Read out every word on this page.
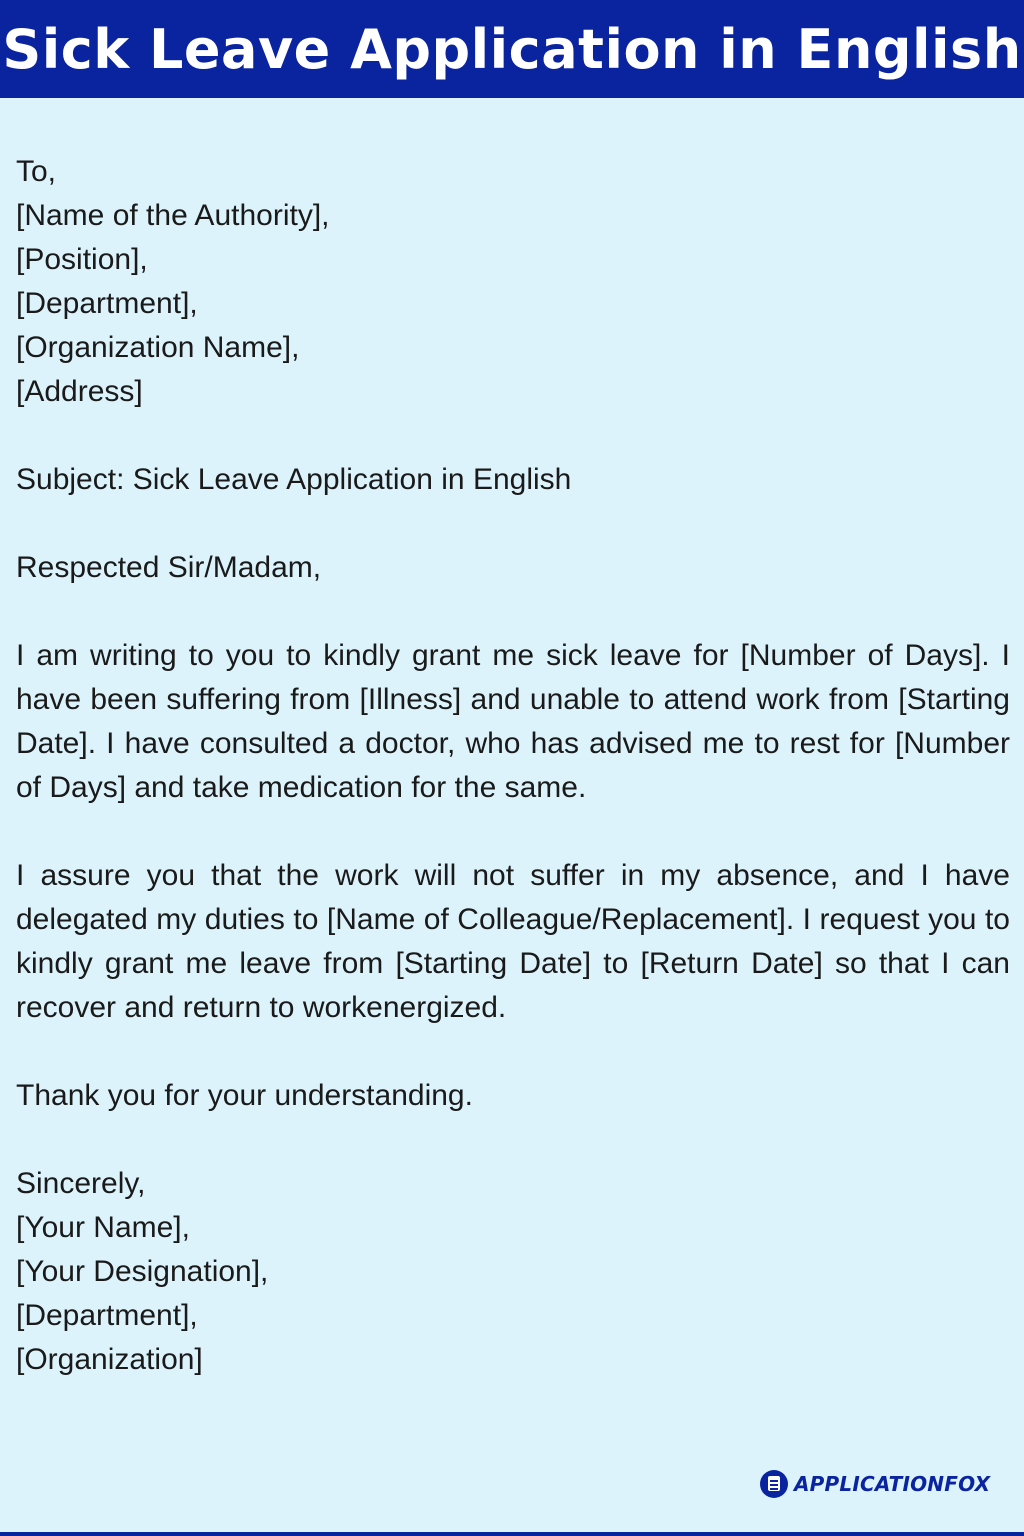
Sick Leave Application in English
To,
[Name of the Authority],
[Position],
[Department],
[Organization Name],
[Address]

Subject: Sick Leave Application in English

Respected Sir/Madam,

I am writing to you to kindly grant me sick leave for [Number of Days]. I have been suffering from [Illness] and unable to attend work from [Starting Date]. I have consulted a doctor, who has advised me to rest for [Number of Days] and take medication for the same.

I assure you that the work will not suffer in my absence, and I have delegated my duties to [Name of Colleague/Replacement]. I request you to kindly grant me leave from [Starting Date] to [Return Date] so that I can recover and return to workenergized.

Thank you for your understanding.

Sincerely,
[Your Name],
[Your Designation],
[Department],
[Organization]
APPLICATIONFOX
